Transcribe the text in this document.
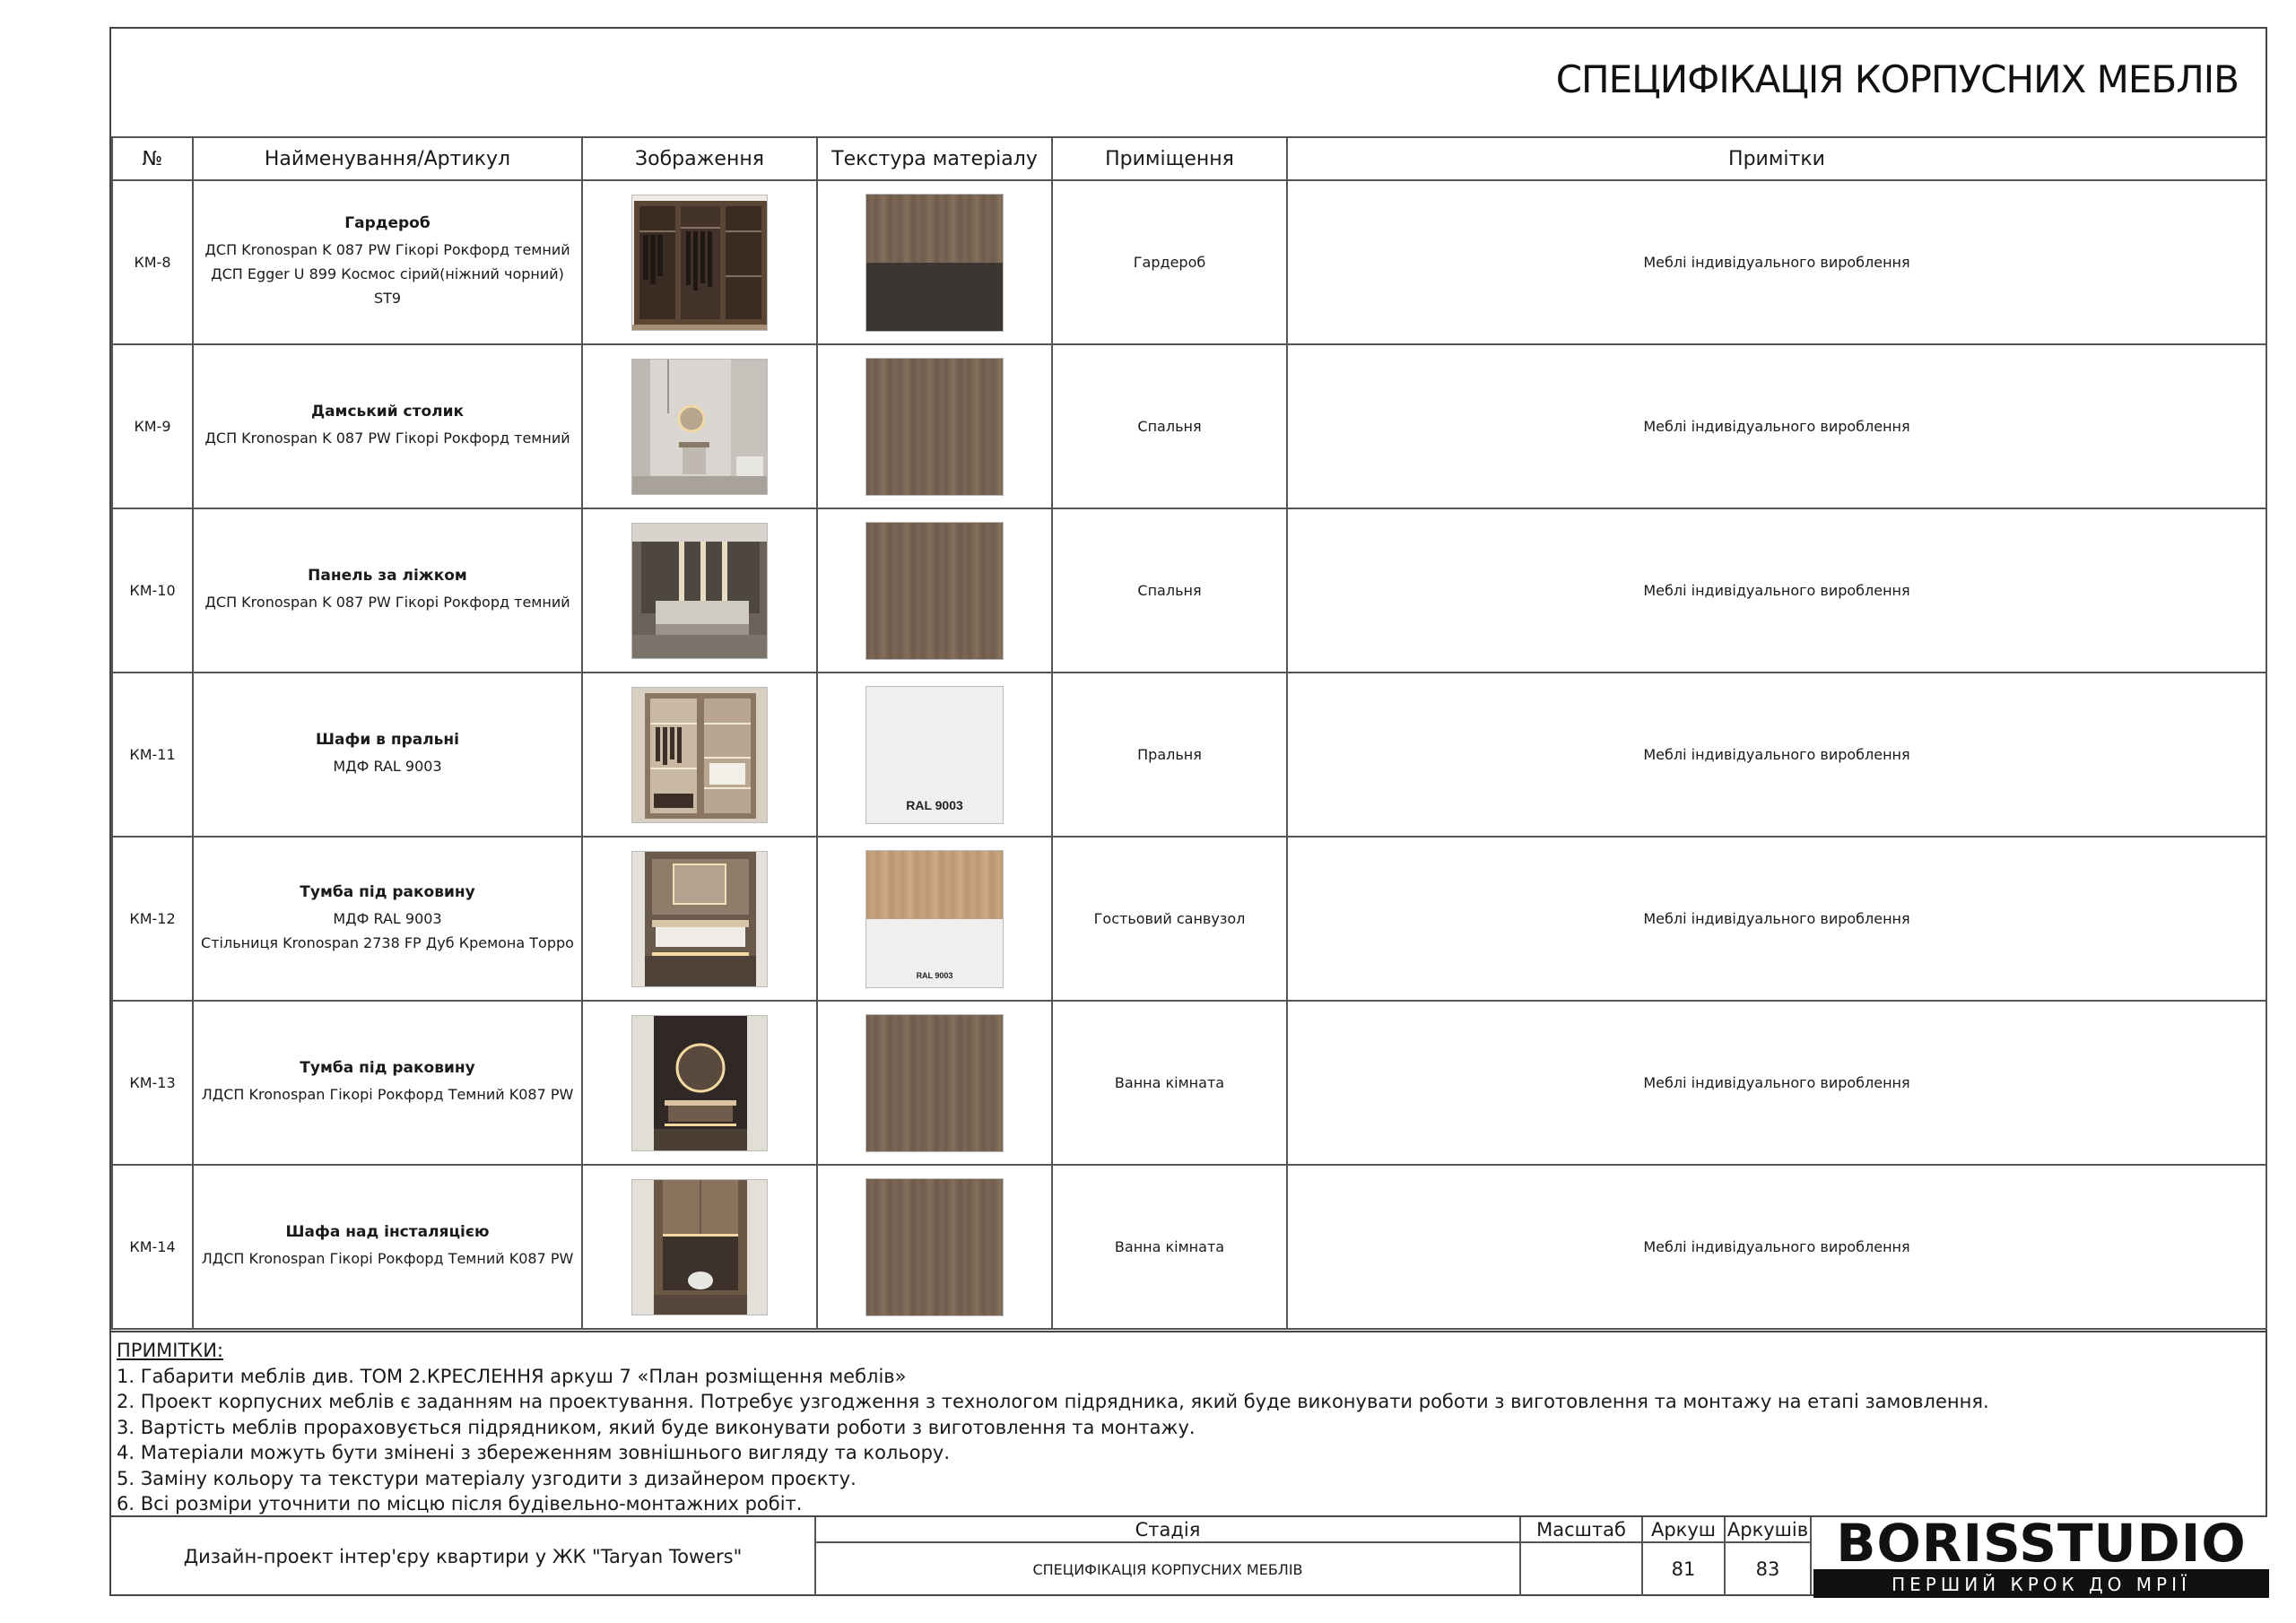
СПЕЦИФІКАЦІЯ КОРПУСНИХ МЕБЛІВ
№	Найменування/Артикул	Зображення	Текстура матеріалу	Приміщення	Примітки
КМ-8	Гардероб
ДСП Kronospan K 087 PW Гікорі Рокфорд темний
ДСП Egger U 899 Космос сірий(ніжний чорний)
ST9			Гардероб	Меблі індивідуального вироблення
КМ-9	Дамський столик
ДСП Kronospan K 087 PW Гікорі Рокфорд темний			Спальня	Меблі індивідуального вироблення
КМ-10	Панель за ліжком
ДСП Kronospan K 087 PW Гікорі Рокфорд темний			Спальня	Меблі індивідуального вироблення
КМ-11	Шафи в пральні
МДФ RAL 9003		RAL 9003	Пральня	Меблі індивідуального вироблення
КМ-12	Тумба під раковину
МДФ RAL 9003
Стільниця Kronospan 2738 FP Дуб Кремона Торро		RAL 9003	Гостьовий санвузол	Меблі індивідуального вироблення
КМ-13	Тумба під раковину
ЛДСП Kronospan Гікорі Рокфорд Темний K087 PW			Ванна кімната	Меблі індивідуального вироблення
КМ-14	Шафа над інсталяцією
ЛДСП Kronospan Гікорі Рокфорд Темний K087 PW			Ванна кімната	Меблі індивідуального вироблення
ПРИМІТКИ:
1. Габарити меблів див. ТОМ 2.КРЕСЛЕННЯ аркуш 7 «План розміщення меблів»
2. Проект корпусних меблів є заданням на проектування. Потребує узгодження з технологом підрядника, який буде виконувати роботи з виготовлення та монтажу на етапі замовлення.
3. Вартість меблів прораховується підрядником, який буде виконувати роботи з виготовлення та монтажу.
4. Матеріали можуть бути змінені з збереженням зовнішнього вигляду та кольору.
5. Заміну кольору та текстури матеріалу узгодити з дизайнером проєкту.
6. Всі розміри уточнити по місцю після будівельно-монтажних робіт.
Дизайн-проект інтер'єру квартири у ЖК "Taryan Towers"
Стадія
СПЕЦИФІКАЦІЯ КОРПУСНИХ МЕБЛІВ
Масштаб	Аркуш
81
Аркушів
83	BORISSTUDIO
ПЕРШИЙ КРОК ДО МРІЇ
